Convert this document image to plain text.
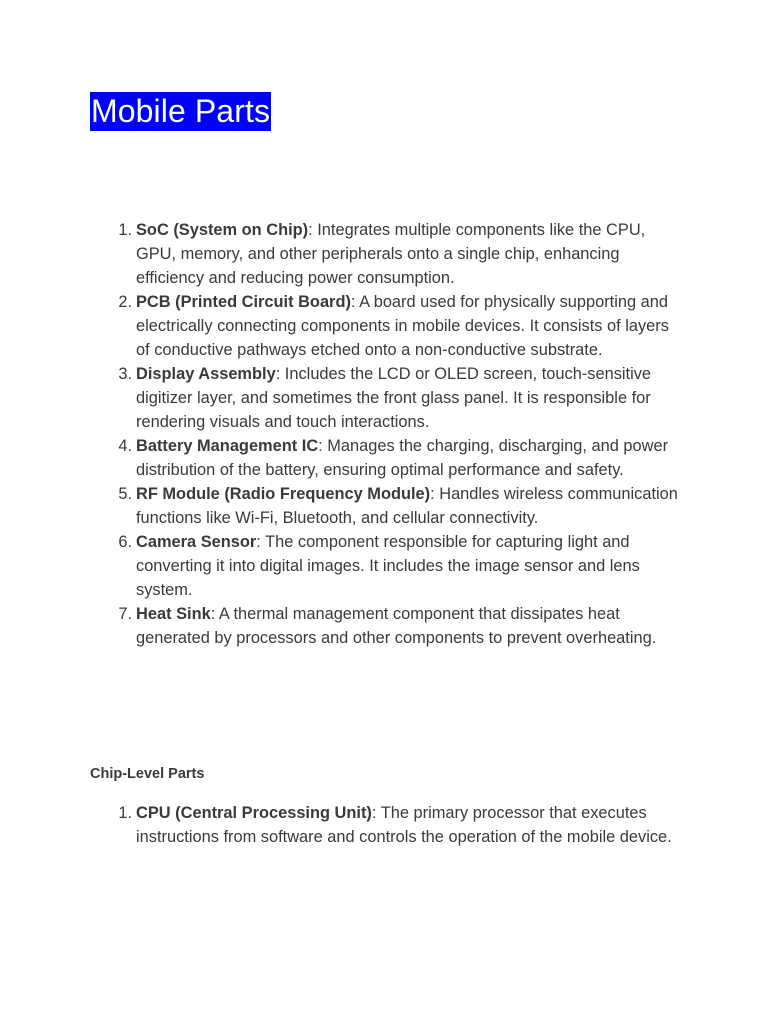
Mobile Parts
1. SoC (System on Chip): Integrates multiple components like the CPU, GPU, memory, and other peripherals onto a single chip, enhancing efficiency and reducing power consumption.
2. PCB (Printed Circuit Board): A board used for physically supporting and electrically connecting components in mobile devices. It consists of layers of conductive pathways etched onto a non-conductive substrate.
3. Display Assembly: Includes the LCD or OLED screen, touch-sensitive digitizer layer, and sometimes the front glass panel. It is responsible for rendering visuals and touch interactions.
4. Battery Management IC: Manages the charging, discharging, and power distribution of the battery, ensuring optimal performance and safety.
5. RF Module (Radio Frequency Module): Handles wireless communication functions like Wi-Fi, Bluetooth, and cellular connectivity.
6. Camera Sensor: The component responsible for capturing light and converting it into digital images. It includes the image sensor and lens system.
7. Heat Sink: A thermal management component that dissipates heat generated by processors and other components to prevent overheating.
Chip-Level Parts
1. CPU (Central Processing Unit): The primary processor that executes instructions from software and controls the operation of the mobile device.
